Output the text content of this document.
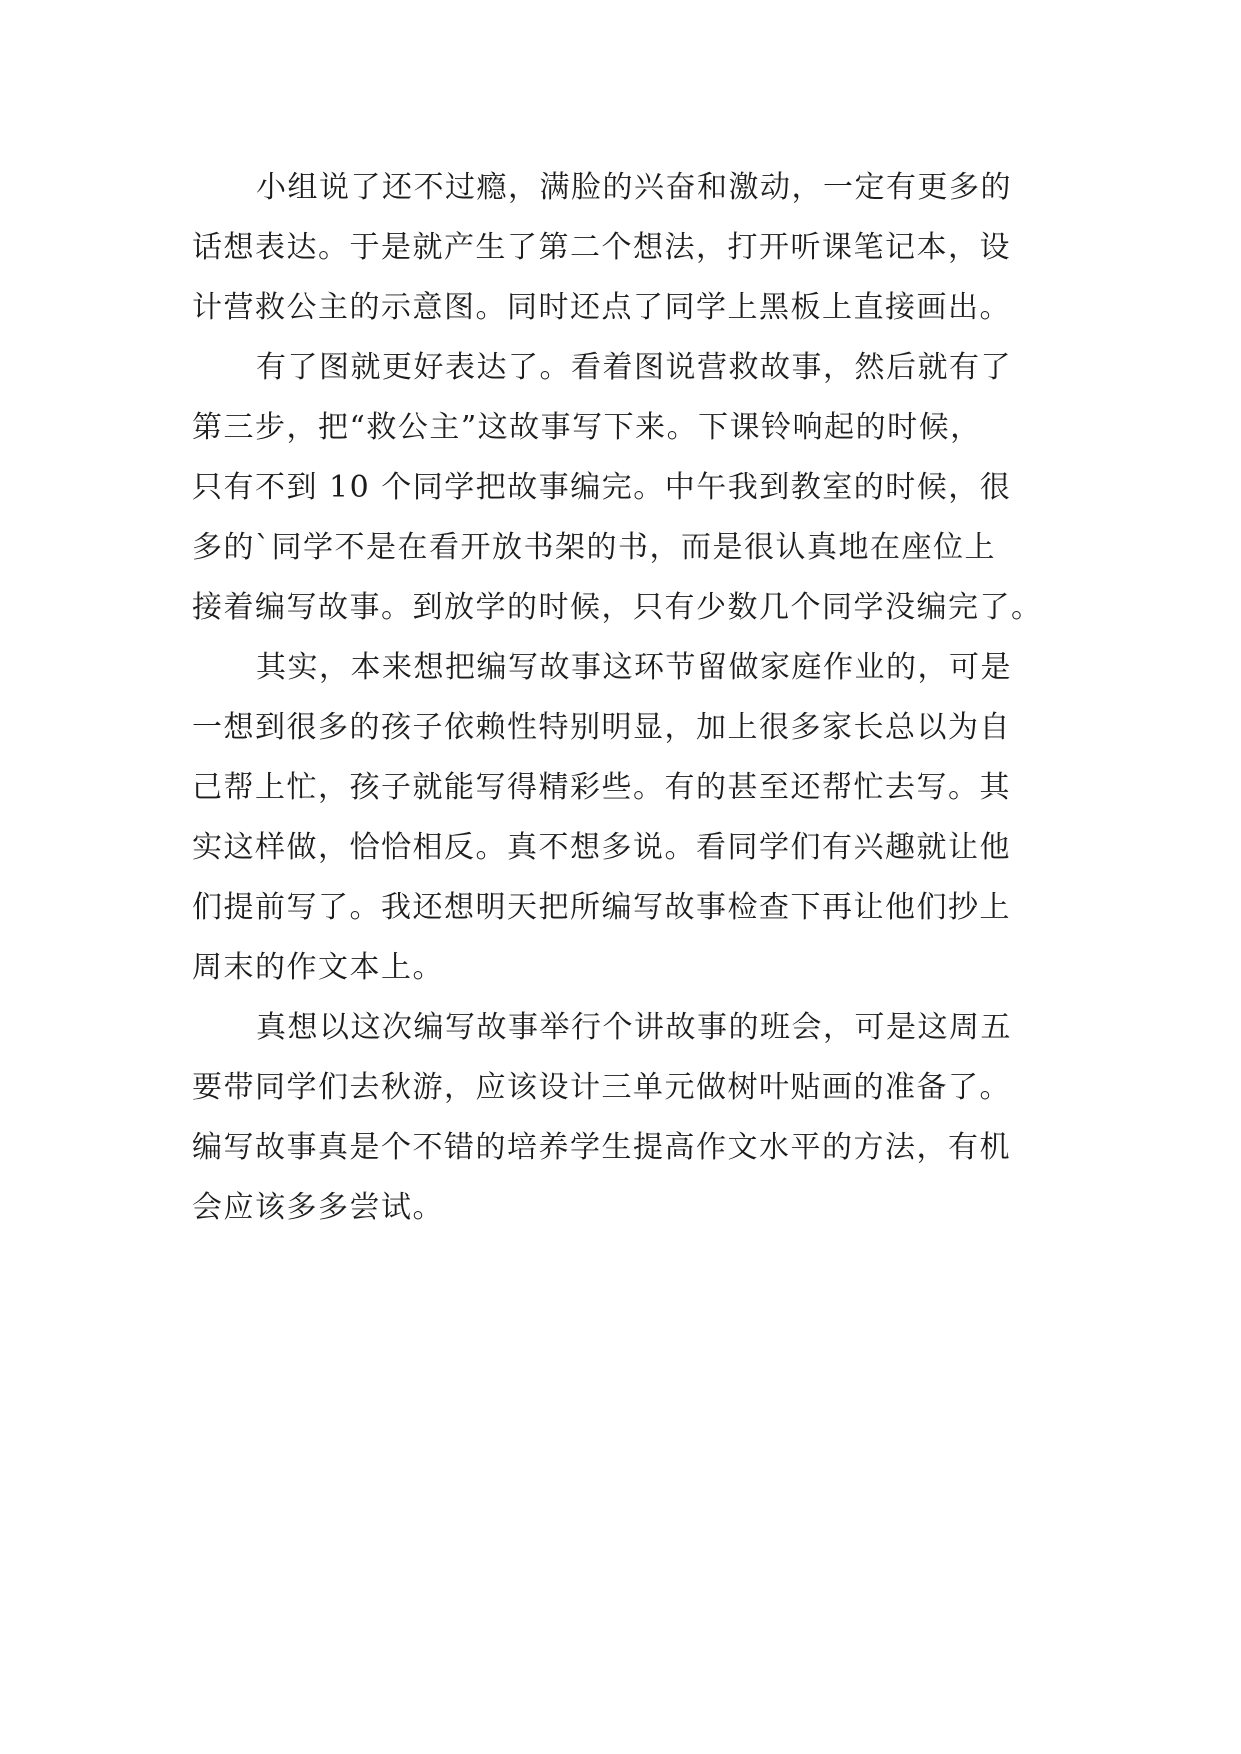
小组说了还不过瘾，满脸的兴奋和激动，一定有更多的
话想表达。于是就产生了第二个想法，打开听课笔记本，设
计营救公主的示意图。同时还点了同学上黑板上直接画出。
有了图就更好表达了。看着图说营救故事，然后就有了
第三步，把“救公主”这故事写下来。下课铃响起的时候，
只有不到 10 个同学把故事编完。中午我到教室的时候，很
多的`同学不是在看开放书架的书，而是很认真地在座位上
接着编写故事。到放学的时候，只有少数几个同学没编完了。
其实，本来想把编写故事这环节留做家庭作业的，可是
一想到很多的孩子依赖性特别明显，加上很多家长总以为自
己帮上忙，孩子就能写得精彩些。有的甚至还帮忙去写。其
实这样做，恰恰相反。真不想多说。看同学们有兴趣就让他
们提前写了。我还想明天把所编写故事检查下再让他们抄上
周末的作文本上。
真想以这次编写故事举行个讲故事的班会，可是这周五
要带同学们去秋游，应该设计三单元做树叶贴画的准备了。
编写故事真是个不错的培养学生提高作文水平的方法，有机
会应该多多尝试。
